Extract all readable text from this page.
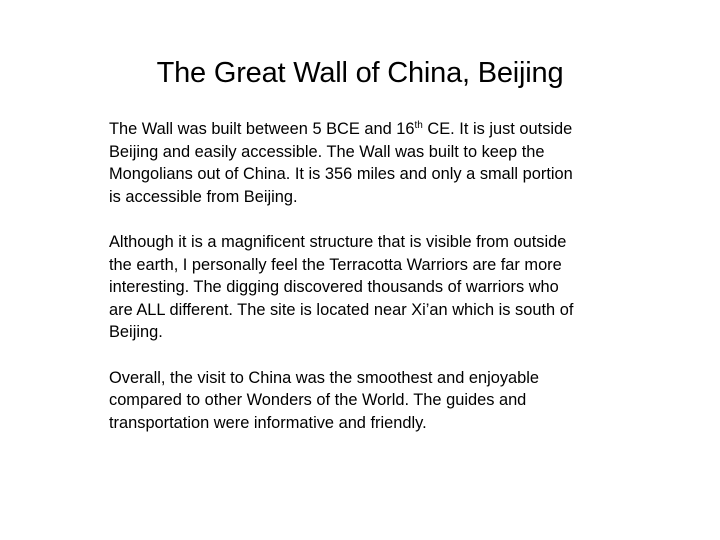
The Great Wall of China, Beijing

The Wall was built between 5 BCE and 16th CE. It is just outside Beijing and easily accessible. The Wall was built to keep the Mongolians out of China. It is 356 miles and only a small portion is accessible from Beijing.

Although it is a magnificent structure that is visible from outside the earth, I personally feel the Terracotta Warriors are far more interesting. The digging discovered thousands of warriors who are ALL different. The site is located near Xi’an which is south of Beijing.

Overall, the visit to China was the smoothest and enjoyable compared to other Wonders of the World. The guides and transportation were informative and friendly.
